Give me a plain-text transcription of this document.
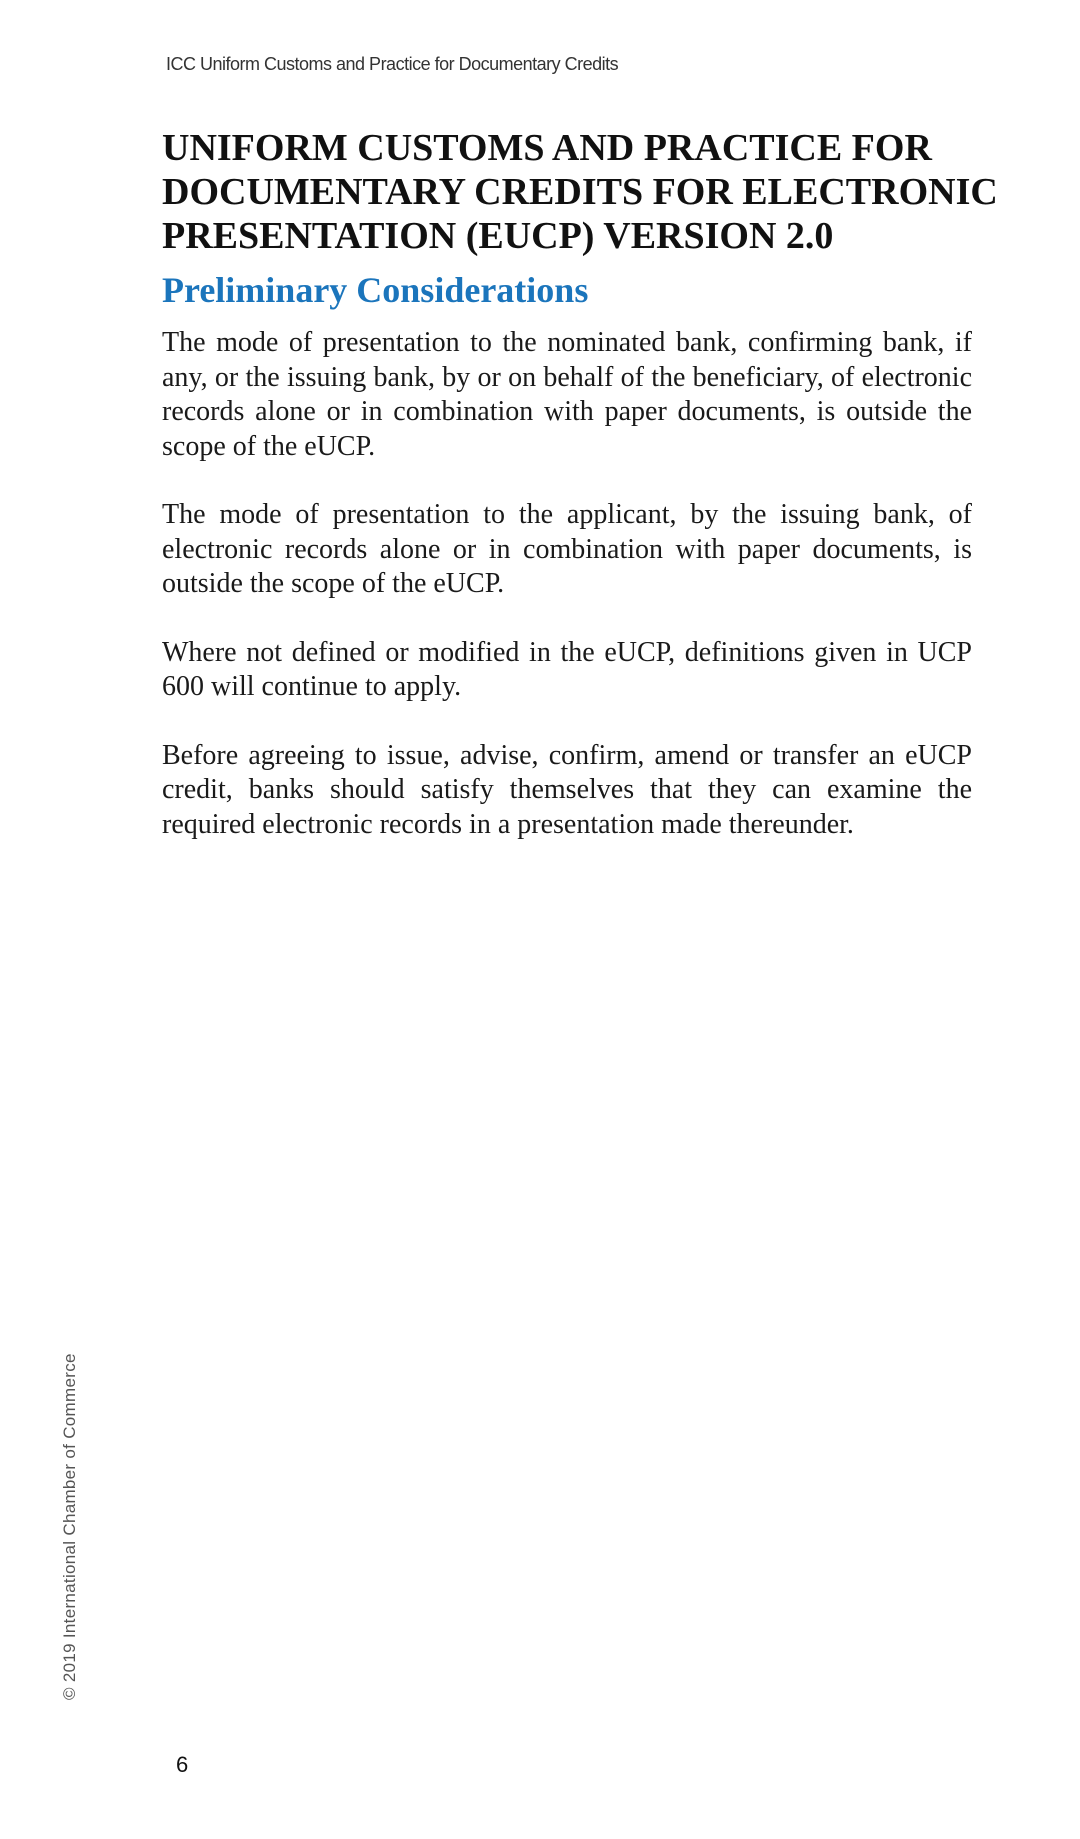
ICC Uniform Customs and Practice for Documentary Credits
UNIFORM CUSTOMS AND PRACTICE FOR
DOCUMENTARY CREDITS FOR ELECTRONIC
PRESENTATION (EUCP) VERSION 2.0
Preliminary Considerations

The mode of presentation to the nominated bank, confirming bank, if any, or the issuing bank, by or on behalf of the beneficiary, of electronic records alone or in combination with paper documents, is outside the scope of the eUCP.

The mode of presentation to the applicant, by the issuing bank, of electronic records alone or in combination with paper documents, is outside the scope of the eUCP.

Where not defined or modified in the eUCP, definitions given in UCP 600 will continue to apply.

Before agreeing to issue, advise, confirm, amend or transfer an eUCP credit, banks should satisfy themselves that they can examine the required electronic records in a presentation made thereunder.

© 2019 International Chamber of Commerce
6
